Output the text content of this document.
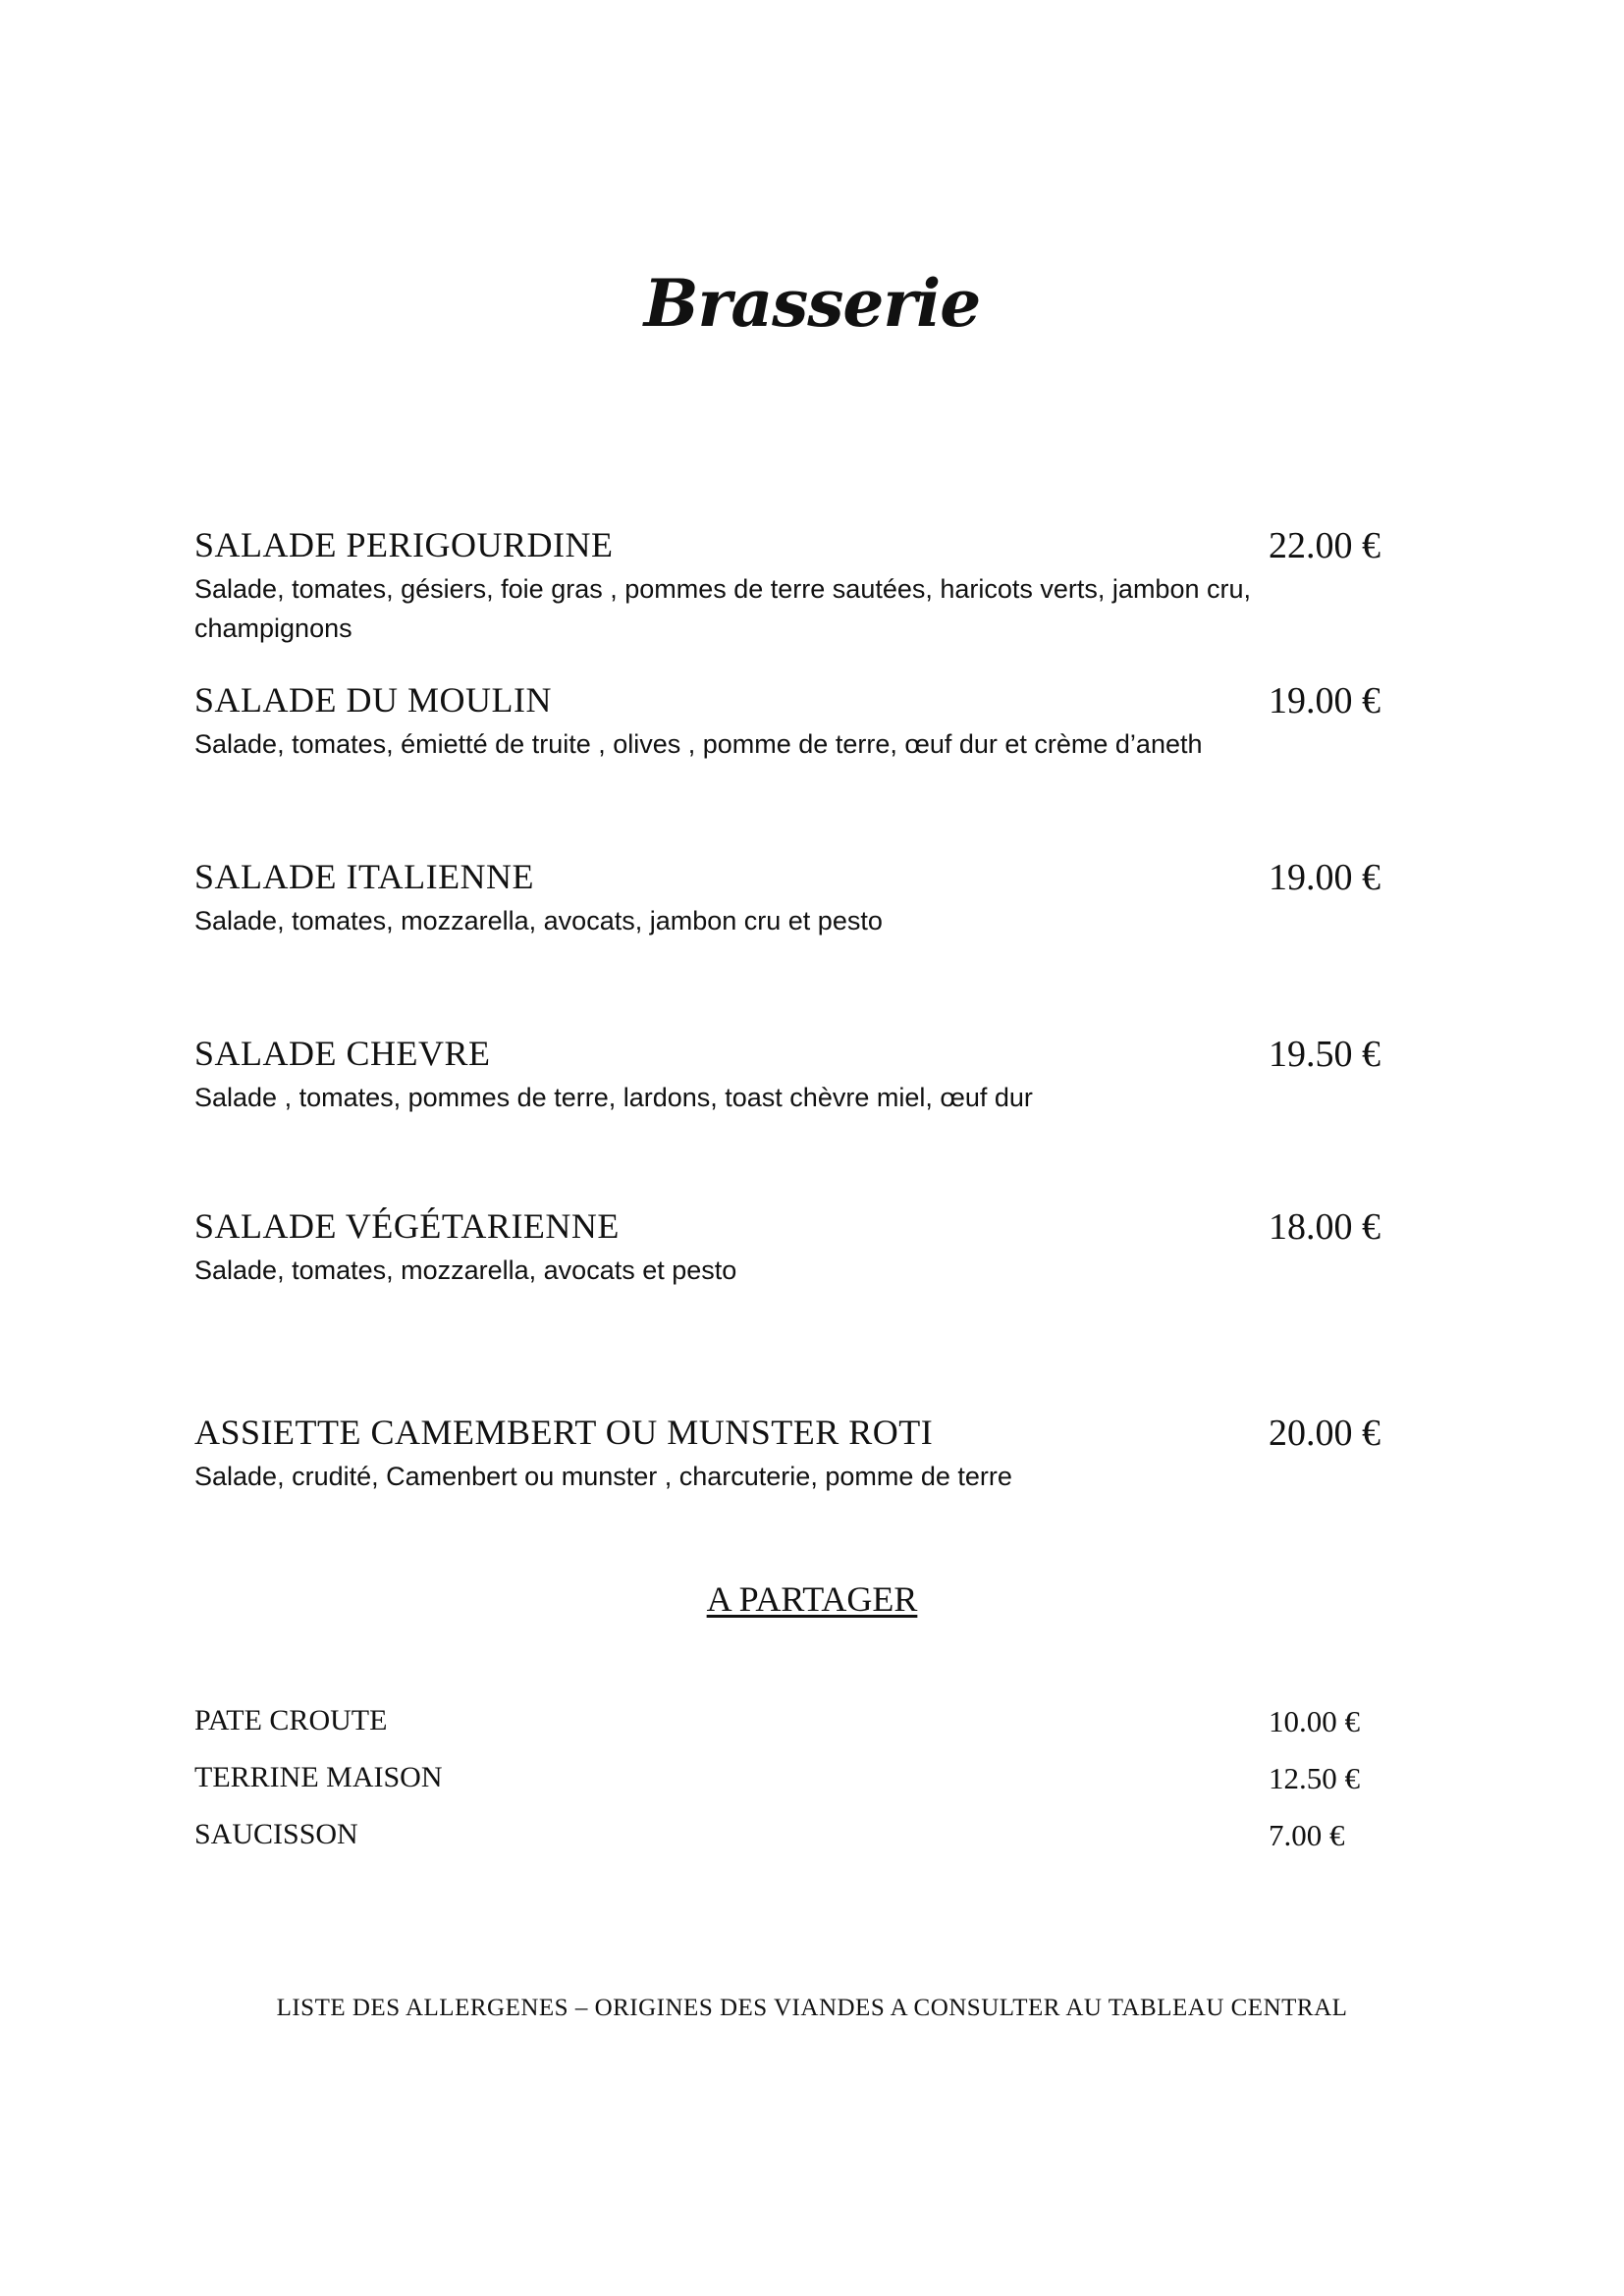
Brasserie
SALADE PERIGOURDINE	22.00 €
Salade, tomates, gésiers, foie gras , pommes de terre sautées, haricots verts, jambon cru, champignons
SALADE DU MOULIN	19.00 €
Salade, tomates, émietté de truite , olives , pomme de terre, œuf dur et crème d’aneth
SALADE ITALIENNE	19.00 €
Salade, tomates, mozzarella, avocats, jambon cru et pesto
SALADE CHEVRE	19.50 €
Salade , tomates, pommes de terre, lardons, toast chèvre miel, œuf dur
SALADE VÉGÉTARIENNE	18.00 €
Salade, tomates, mozzarella, avocats et pesto
ASSIETTE CAMEMBERT OU MUNSTER ROTI	20.00 €
Salade, crudité, Camenbert ou munster , charcuterie, pomme de terre
A PARTAGER
PATE CROUTE	10.00 €
TERRINE MAISON	12.50 €
SAUCISSON	7.00 €
LISTE DES ALLERGENES – ORIGINES DES VIANDES A CONSULTER AU TABLEAU CENTRAL
